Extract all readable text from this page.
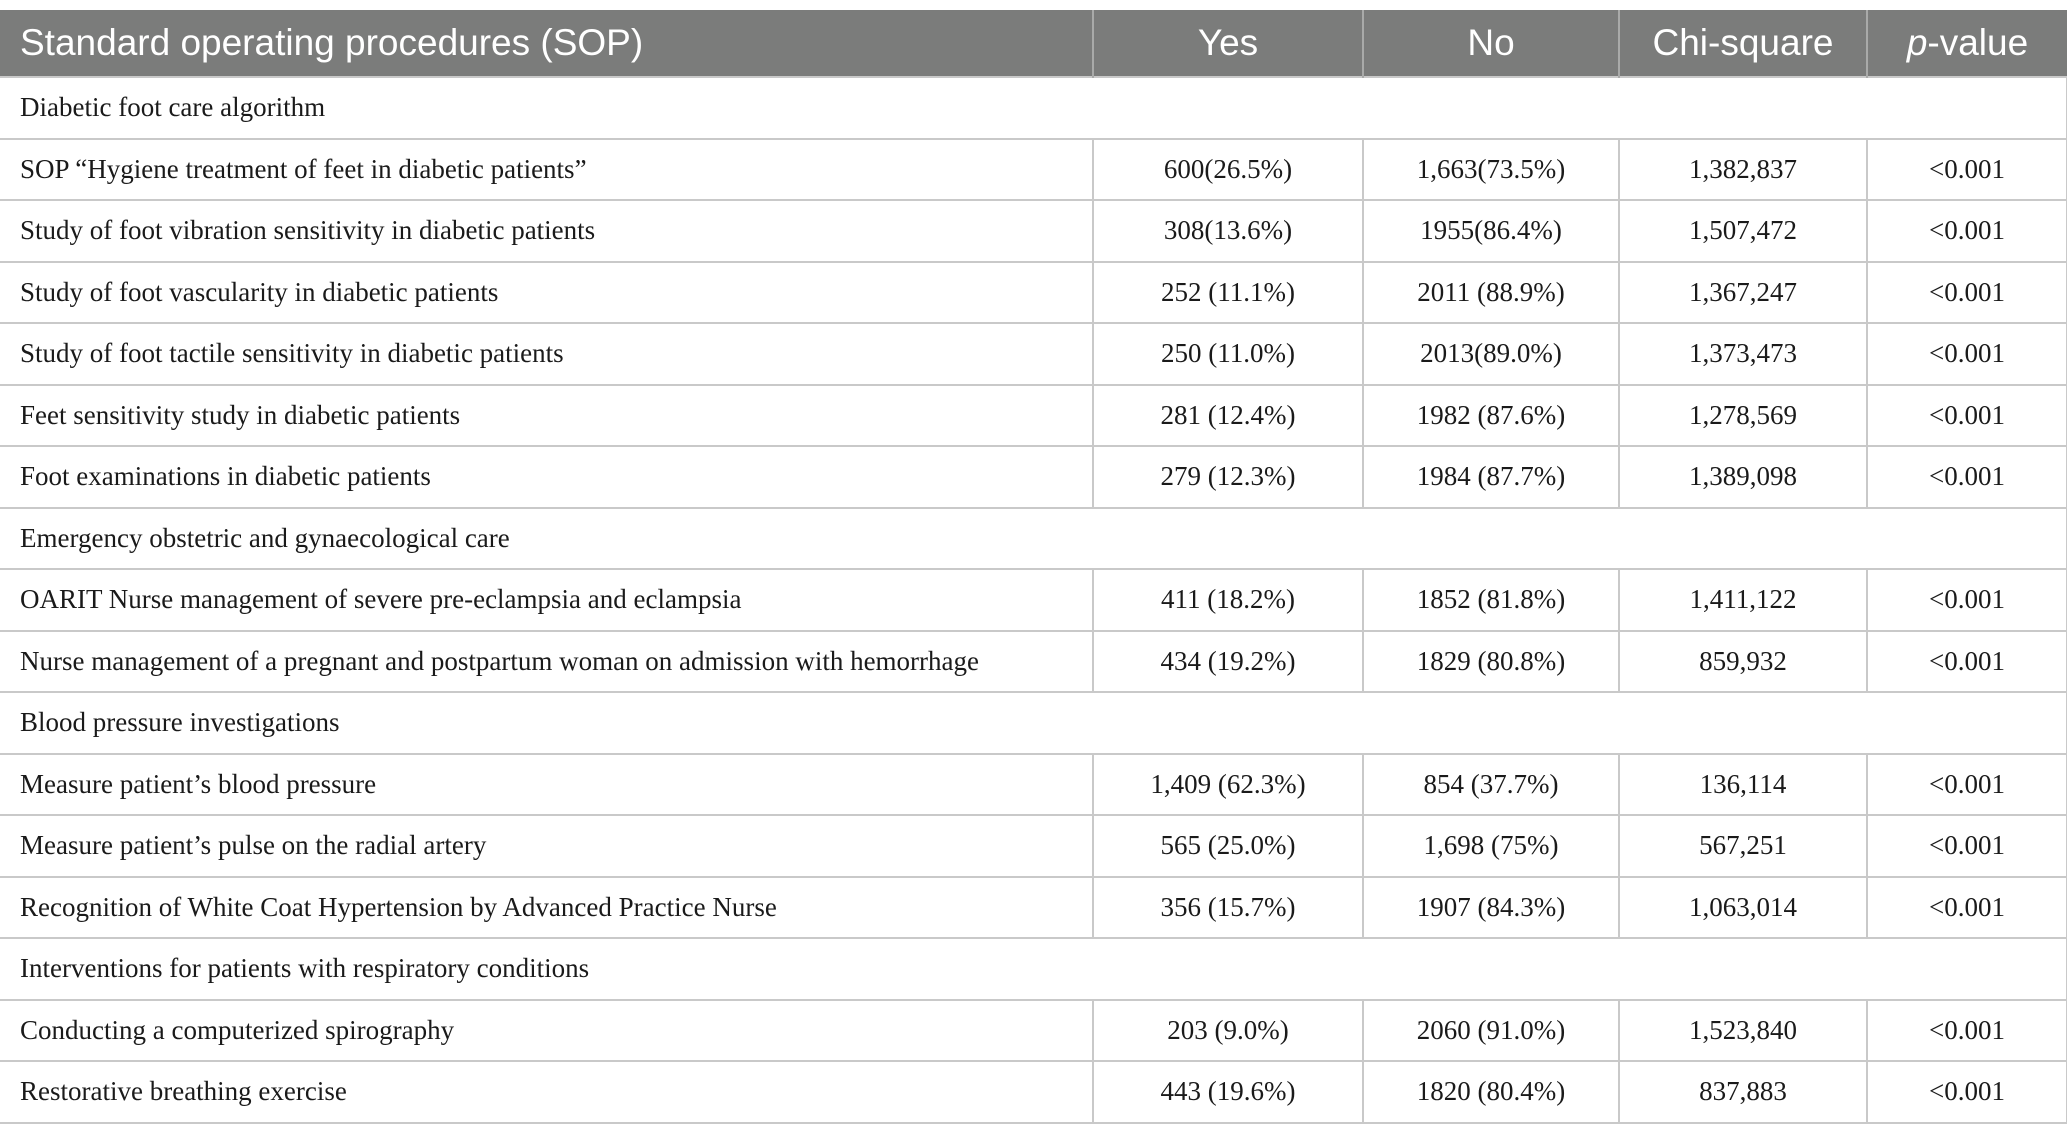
Standard operating procedures (SOP)	Yes	No	Chi-square	p-value
Diabetic foot care algorithm				
SOP “Hygiene treatment of feet in diabetic patients”	600(26.5%)	1,663(73.5%)	1,382,837	<0.001
Study of foot vibration sensitivity in diabetic patients	308(13.6%)	1955(86.4%)	1,507,472	<0.001
Study of foot vascularity in diabetic patients	252 (11.1%)	2011 (88.9%)	1,367,247	<0.001
Study of foot tactile sensitivity in diabetic patients	250 (11.0%)	2013(89.0%)	1,373,473	<0.001
Feet sensitivity study in diabetic patients	281 (12.4%)	1982 (87.6%)	1,278,569	<0.001
Foot examinations in diabetic patients	279 (12.3%)	1984 (87.7%)	1,389,098	<0.001
Emergency obstetric and gynaecological care				
OARIT Nurse management of severe pre-eclampsia and eclampsia	411 (18.2%)	1852 (81.8%)	1,411,122	<0.001
Nurse management of a pregnant and postpartum woman on admission with hemorrhage	434 (19.2%)	1829 (80.8%)	859,932	<0.001
Blood pressure investigations				
Measure patient’s blood pressure	1,409 (62.3%)	854 (37.7%)	136,114	<0.001
Measure patient’s pulse on the radial artery	565 (25.0%)	1,698 (75%)	567,251	<0.001
Recognition of White Coat Hypertension by Advanced Practice Nurse	356 (15.7%)	1907 (84.3%)	1,063,014	<0.001
Interventions for patients with respiratory conditions				
Conducting a computerized spirography	203 (9.0%)	2060 (91.0%)	1,523,840	<0.001
Restorative breathing exercise	443 (19.6%)	1820 (80.4%)	837,883	<0.001
